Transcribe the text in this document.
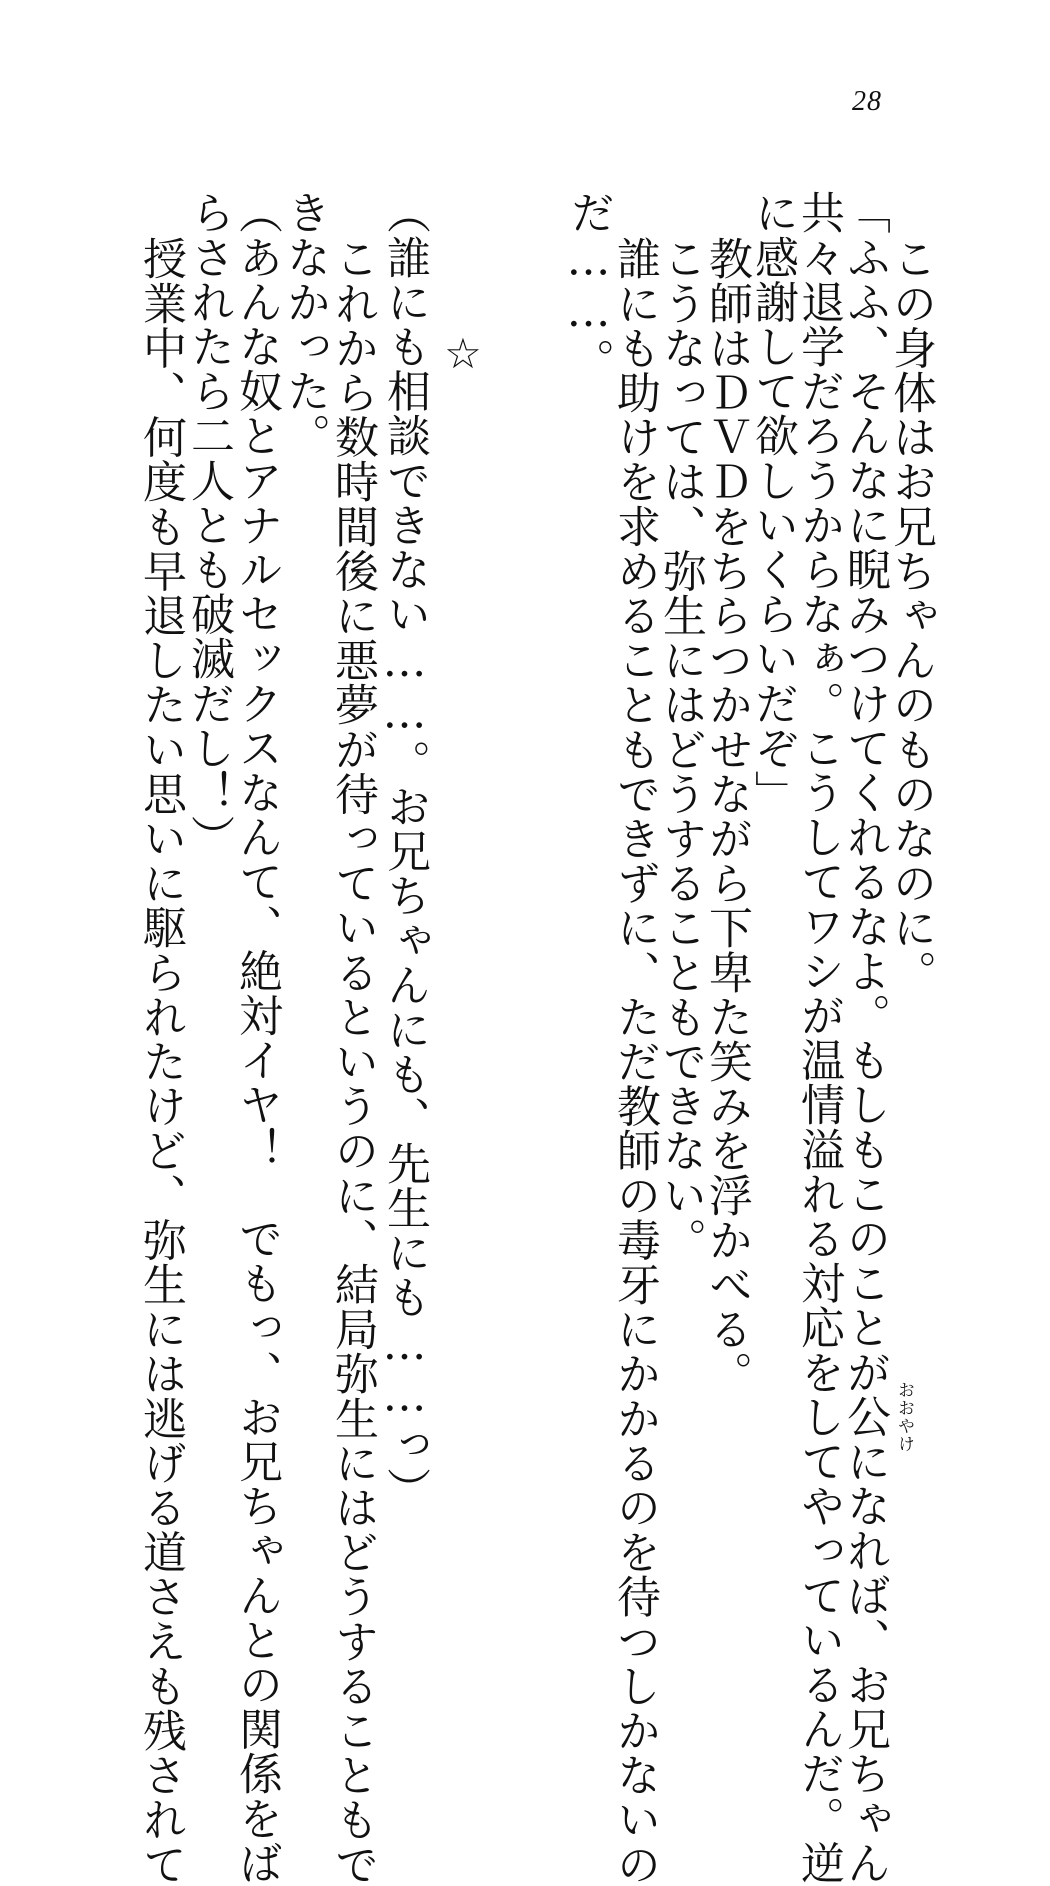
28
この身体はお兄ちゃんのものなのに。
「ふふ、そんなに睨みつけてくれるなよ。もしもこのことが公 おおやけ
になれば、お兄ちゃん
共々退学だろうからなぁ。こうしてワシが温情溢れる対応をしてやっているんだ。逆
に感謝して欲しいくらいだぞ」
教師はＤＶＤをちらつかせながら下卑た笑みを浮かべる。
こうなっては、弥生にはどうすることもできない。
誰にも助けを求めることもできずに、ただ教師の毒牙にかかるのを待つしかないの
だ……。
☆
（誰にも相談できない……。お兄ちゃんにも、先生にも……っ）
これから数時間後に悪夢が待っているというのに、結局弥生にはどうすることもで
きなかった。
（あんな奴とアナルセックスなんて、絶対イヤ！　でもっ、お兄ちゃんとの関係をば
らされたら二人とも破滅だし！）
授業中、何度も早退したい思いに駆られたけど、弥生には逃げる道さえも残されて
